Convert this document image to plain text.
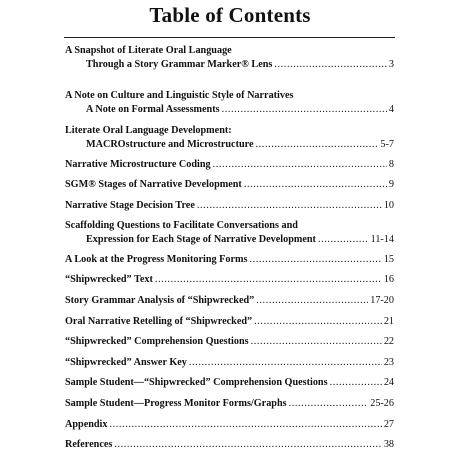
Table of Contents
A Snapshot of Literate Oral Language
Through a Story Grammar Marker® Lens .....	3
A Note on Culture and Linguistic Style of Narratives
A Note on Formal Assessments .....	4
Literate Oral Language Development:
MACROstructure and Microstructure .....	5-7
Narrative Microstructure Coding .....	8
SGM® Stages of Narrative Development .....	9
Narrative Stage Decision Tree .....	10
Scaffolding Questions to Facilitate Conversations and
Expression for Each Stage of Narrative Development .....	11-14
A Look at the Progress Monitoring Forms .....	15
“Shipwrecked” Text .....	16
Story Grammar Analysis of “Shipwrecked” .....	17-20
Oral Narrative Retelling of “Shipwrecked” .....	21
“Shipwrecked” Comprehension Questions .....	22
“Shipwrecked” Answer Key .....	23
Sample Student—“Shipwrecked” Comprehension Questions .....	24
Sample Student—Progress Monitor Forms/Graphs .....	25-26
Appendix .....	27
References .....	38
